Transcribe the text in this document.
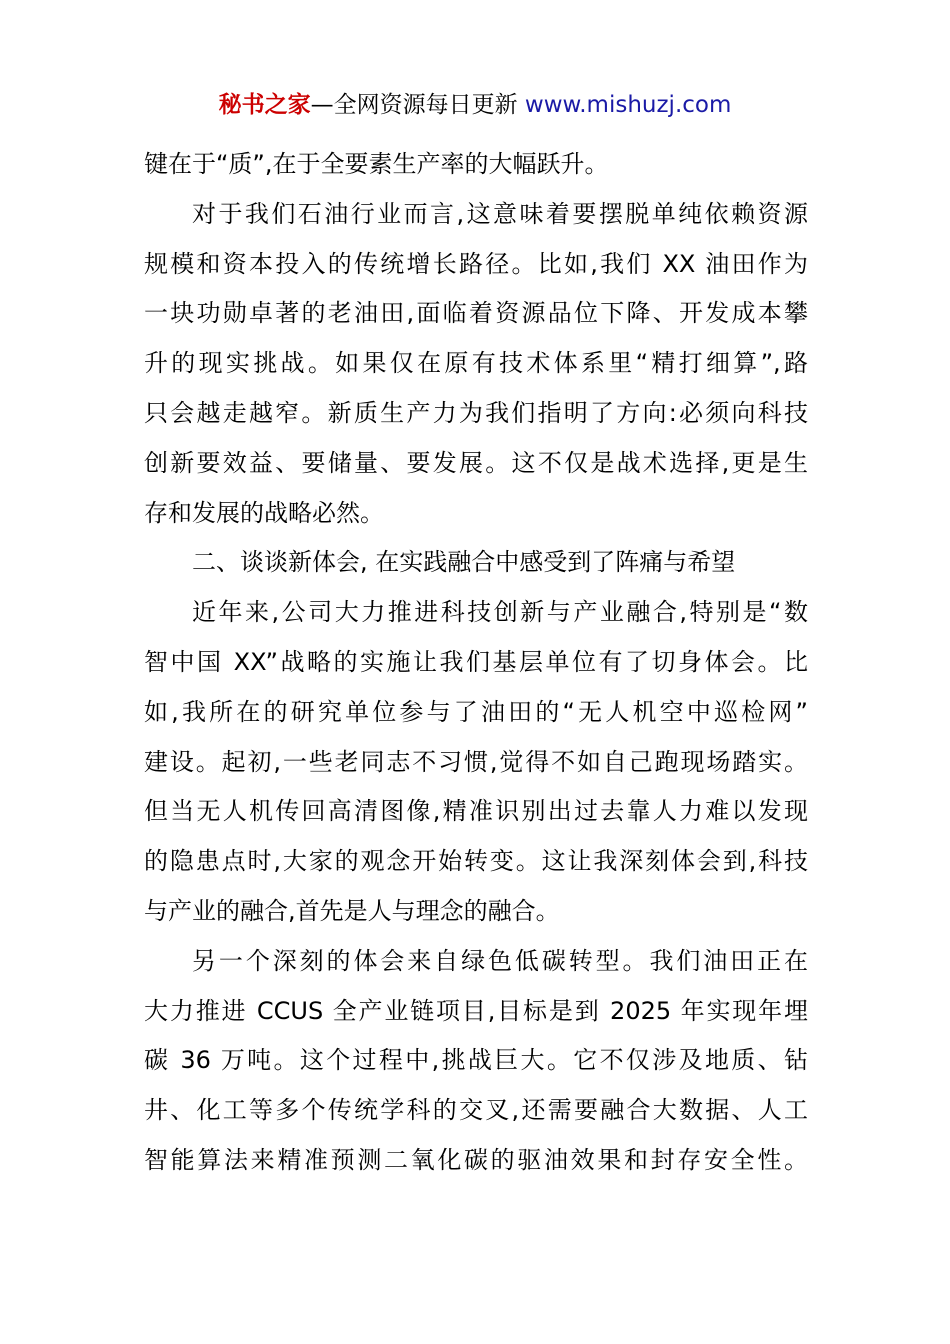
秘书之家—全网资源每日更新 www.mishuzj.com
键在于“质”,在于全要素生产率的大幅跃升。
对于我们石油行业而言,这意味着要摆脱单纯依赖资源
规模和资本投入的传统增长路径。比如,我们 XX 油田作为
一块功勋卓著的老油田,面临着资源品位下降、开发成本攀
升的现实挑战。如果仅在原有技术体系里“精打细算”,路
只会越走越窄。新质生产力为我们指明了方向:必须向科技
创新要效益、要储量、要发展。这不仅是战术选择,更是生
存和发展的战略必然。
二、谈谈新体会, 在实践融合中感受到了阵痛与希望
近年来,公司大力推进科技创新与产业融合,特别是“数
智中国 XX”战略的实施让我们基层单位有了切身体会。比
如,我所在的研究单位参与了油田的“无人机空中巡检网”
建设。起初,一些老同志不习惯,觉得不如自己跑现场踏实。
但当无人机传回高清图像,精准识别出过去靠人力难以发现
的隐患点时,大家的观念开始转变。这让我深刻体会到,科技
与产业的融合,首先是人与理念的融合。
另一个深刻的体会来自绿色低碳转型。我们油田正在
大力推进 CCUS 全产业链项目,目标是到 2025 年实现年埋
碳 36 万吨。这个过程中,挑战巨大。它不仅涉及地质、钻
井、化工等多个传统学科的交叉,还需要融合大数据、人工
智能算法来精准预测二氧化碳的驱油效果和封存安全性。
